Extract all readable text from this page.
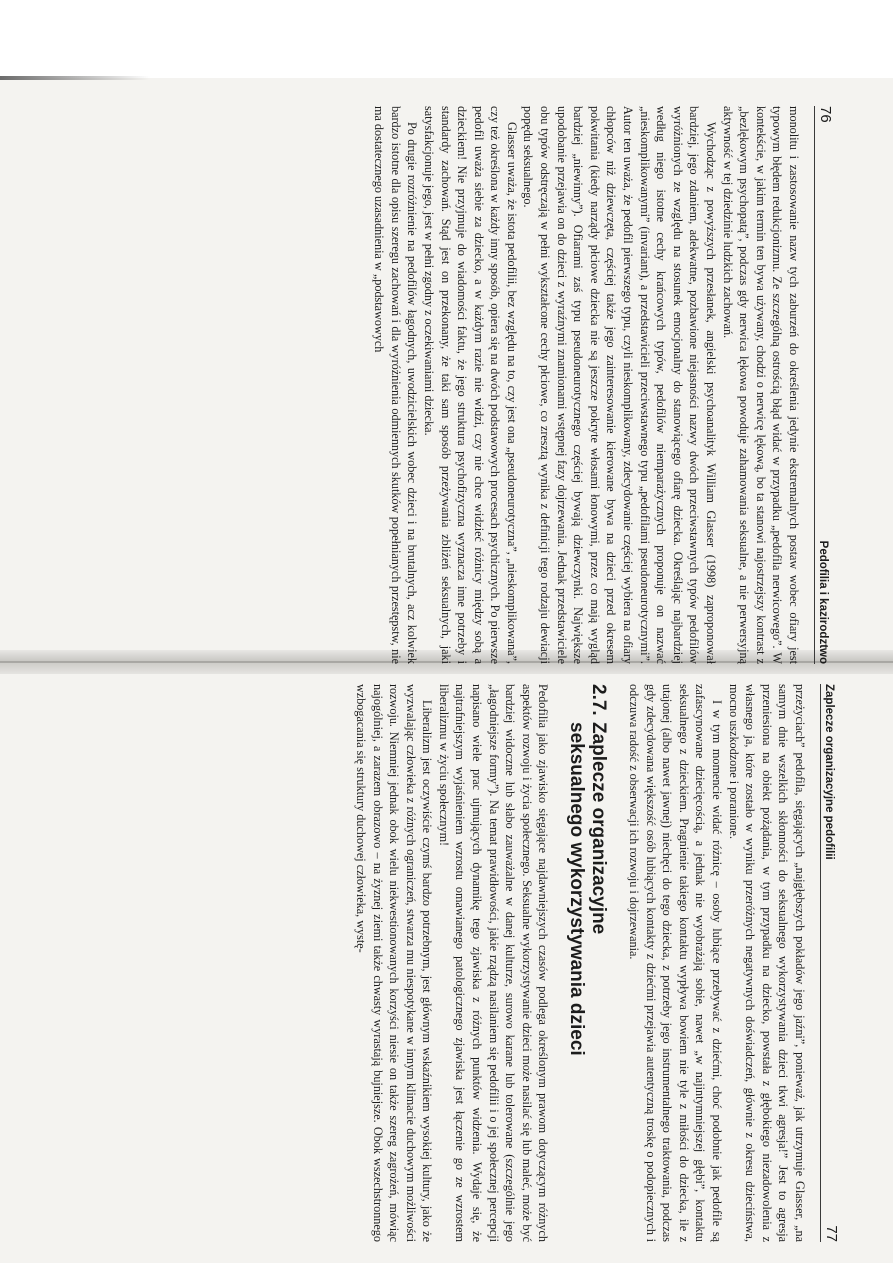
76
Pedofilia i kazirodztwo

monolitu i zastosowanie nazw tych zaburzeń do określenia jedynie ekstremalnych postaw wobec ofiary jest typowym błędem redukcjonizmu. Ze szczególną ostrością błąd widać w przypadku „pedofila nerwicowego”. W kontekście, w jakim termin ten bywa używany, chodzi o nerwicę lękową, bo ta stanowi najostrzejszy kontrast z „bezlękowym psychopatą”, podczas gdy nerwica lękowa powoduje zahamowania seksualne, a nie perwersyjną aktywność w tej dziedzinie ludzkich zachowań.

Wychodząc z powyższych przesłanek, angielski psychoanalityk William Glasser (1998) zaproponował bardziej, jego zdaniem, adekwatne, pozbawione niejasności nazwy dwóch przeciwstawnych typów pedofilów wyróżnionych ze względu na stosunek emocjonalny do stanowiącego ofiarę dziecka. Określając najbardziej według niego istotne cechy krańcowych typów, pedofilów niemparażycznych proponuje on nazwać „nieskomplikowanymi” (invariant), a przedstawicieli przeciwstawnego typu „pedofilami pseudoneurotycznymi”. Autor ten uważa, że pedofil pierwszego typu, czyli nieskomplikowany, zdecydowanie częściej wybiera na ofiary chłopców niż dziewczęta, częściej także jego zainteresowanie kierowane bywa na dzieci przed okresem pokwitania (kiedy narządy płciowe dziecka nie są jeszcze pokryte włosami łonowymi, przez co mają wygląd bardziej „niewinny”). Ofiarami zaś typu pseudoneurotycznego częściej bywają dziewczynki. Największe upodobanie przejawia on do dzieci z wyraźnymi znamionami wstępnej fazy dojrzewania. Jednak przedstawiciele obu typów odstręczają w pełni wykształcone cechy płciowe, co zresztą wynika z definicji tego rodzaju dewiacji popędu seksualnego.

Glasser uważa, że istota pedofilii, bez względu na to, czy jest ona „pseudoneurotyczna”, „nieskomplikowana”, czy też określona w każdy inny sposób, opiera się na dwóch podstawowych procesach psychicznych. Po pierwsze pedofil uważa siebie za dziecko, a w każdym razie nie widzi, czy nie chce widzieć różnicy między sobą a dzieckiem! Nie przyjmuje do wiadomości faktu, że jego struktura psychofizyczna wyznacza inne potrzeby i standardy zachowań. Stąd jest on przekonany, że taki sam sposób przeżywania zbliżeń seksualnych, jaki satysfakcjonuje jego, jest w pełni zgodny z oczekiwaniami dziecka.

Po drugie rozróżnienie na pedofilów łagodnych, uwodzicielskich wobec dzieci i na brutalnych, acz kolwiek bardzo istotne dla opisu szeregu zachowań i dla wyróżnienia odmiennych skutków popełnianych przestępstw, nie ma dostatecznego uzasadnienia w „podstawowych

Zaplecze organizacyjne pedofilii
77

przeżyciach” pedofila, sięgających „najgłębszych pokładów jego jaźni”, ponieważ, jak utrzymuje Glasser, „na samym dnie wszelkich skłonności do seksualnego wykorzystywania dzieci tkwi agresja!” Jest to agresja przeniesiona na obiekt pożądania, w tym przypadku na dziecko, powstała z głębokiego niezadowolenia z własnego ja, które zostało w wyniku przeróżnych negatywnych doświadczeń, głównie z okresu dzieciństwa, mocno uszkodzone i poranione.

I w tym momencie widać różnicę – osoby lubiące przebywać z dziećmi, choć podobnie jak pedofile są zafascynowane dziecięcością, a jednak nie wyobrażają sobie, nawet „w najintymniejszej głębi”, kontaktu seksualnego z dzieckiem. Pragnienie takiego kontaktu wypływa bowiem nie tyle z miłości do dziecka, ile z utajonej (albo nawet jawnej) niechęci do tego dziecka, z potrzeby jego instrumentalnego traktowania, podczas gdy zdecydowana większość osób lubiących kontakty z dziećmi przejawia autentyczną troskę o podopiecznych i odczuwa radość z obserwacji ich rozwoju i dojrzewania.

2.7.
Zaplecze organizacyjne
seksualnego wykorzystywania dzieci

Pedofilia jako zjawisko sięgające najdawniejszych czasów podlega określonym prawom dotyczącym różnych aspektów rozwoju i życia społecznego. Seksualne wykorzystywanie dzieci może nasilać się lub maleć, może być bardziej widoczne lub słabo zauważalne w danej kulturze, surowo karane lub tolerowane (szczególnie jego „łagodniejsze formy”). Na temat prawidłowości, jakie rządzą nasilaniem się pedofilii i o jej społecznej percepcji napisano wiele prac ujmujących dynamikę tego zjawiska z różnych punktów widzenia. Wydaje się, że najtrafniejszym wyjaśnieniem wzrostu omawianego patologicznego zjawiska jest łączenie go ze wzrostem liberalizmu w życiu społecznym!

Liberalizm jest oczywiście czymś bardzo potrzebnym, jest głównym wskaźnikiem wysokiej kultury, jako że wyzwalając człowieka z różnych ograniczeń, stwarza mu niespotykane w innym klimacie duchowym możliwości rozwoju. Niemniej jednak obok wielu niekwestionowanych korzyści niesie on także szereg zagrożeń, mówiąc najogólniej, a zarazem obrazowo – na żyznej ziemi także chwasty wyrastają bujniejsze. Obok wszechstronnego wzbogacania się struktury duchowej człowieka, wystę-
